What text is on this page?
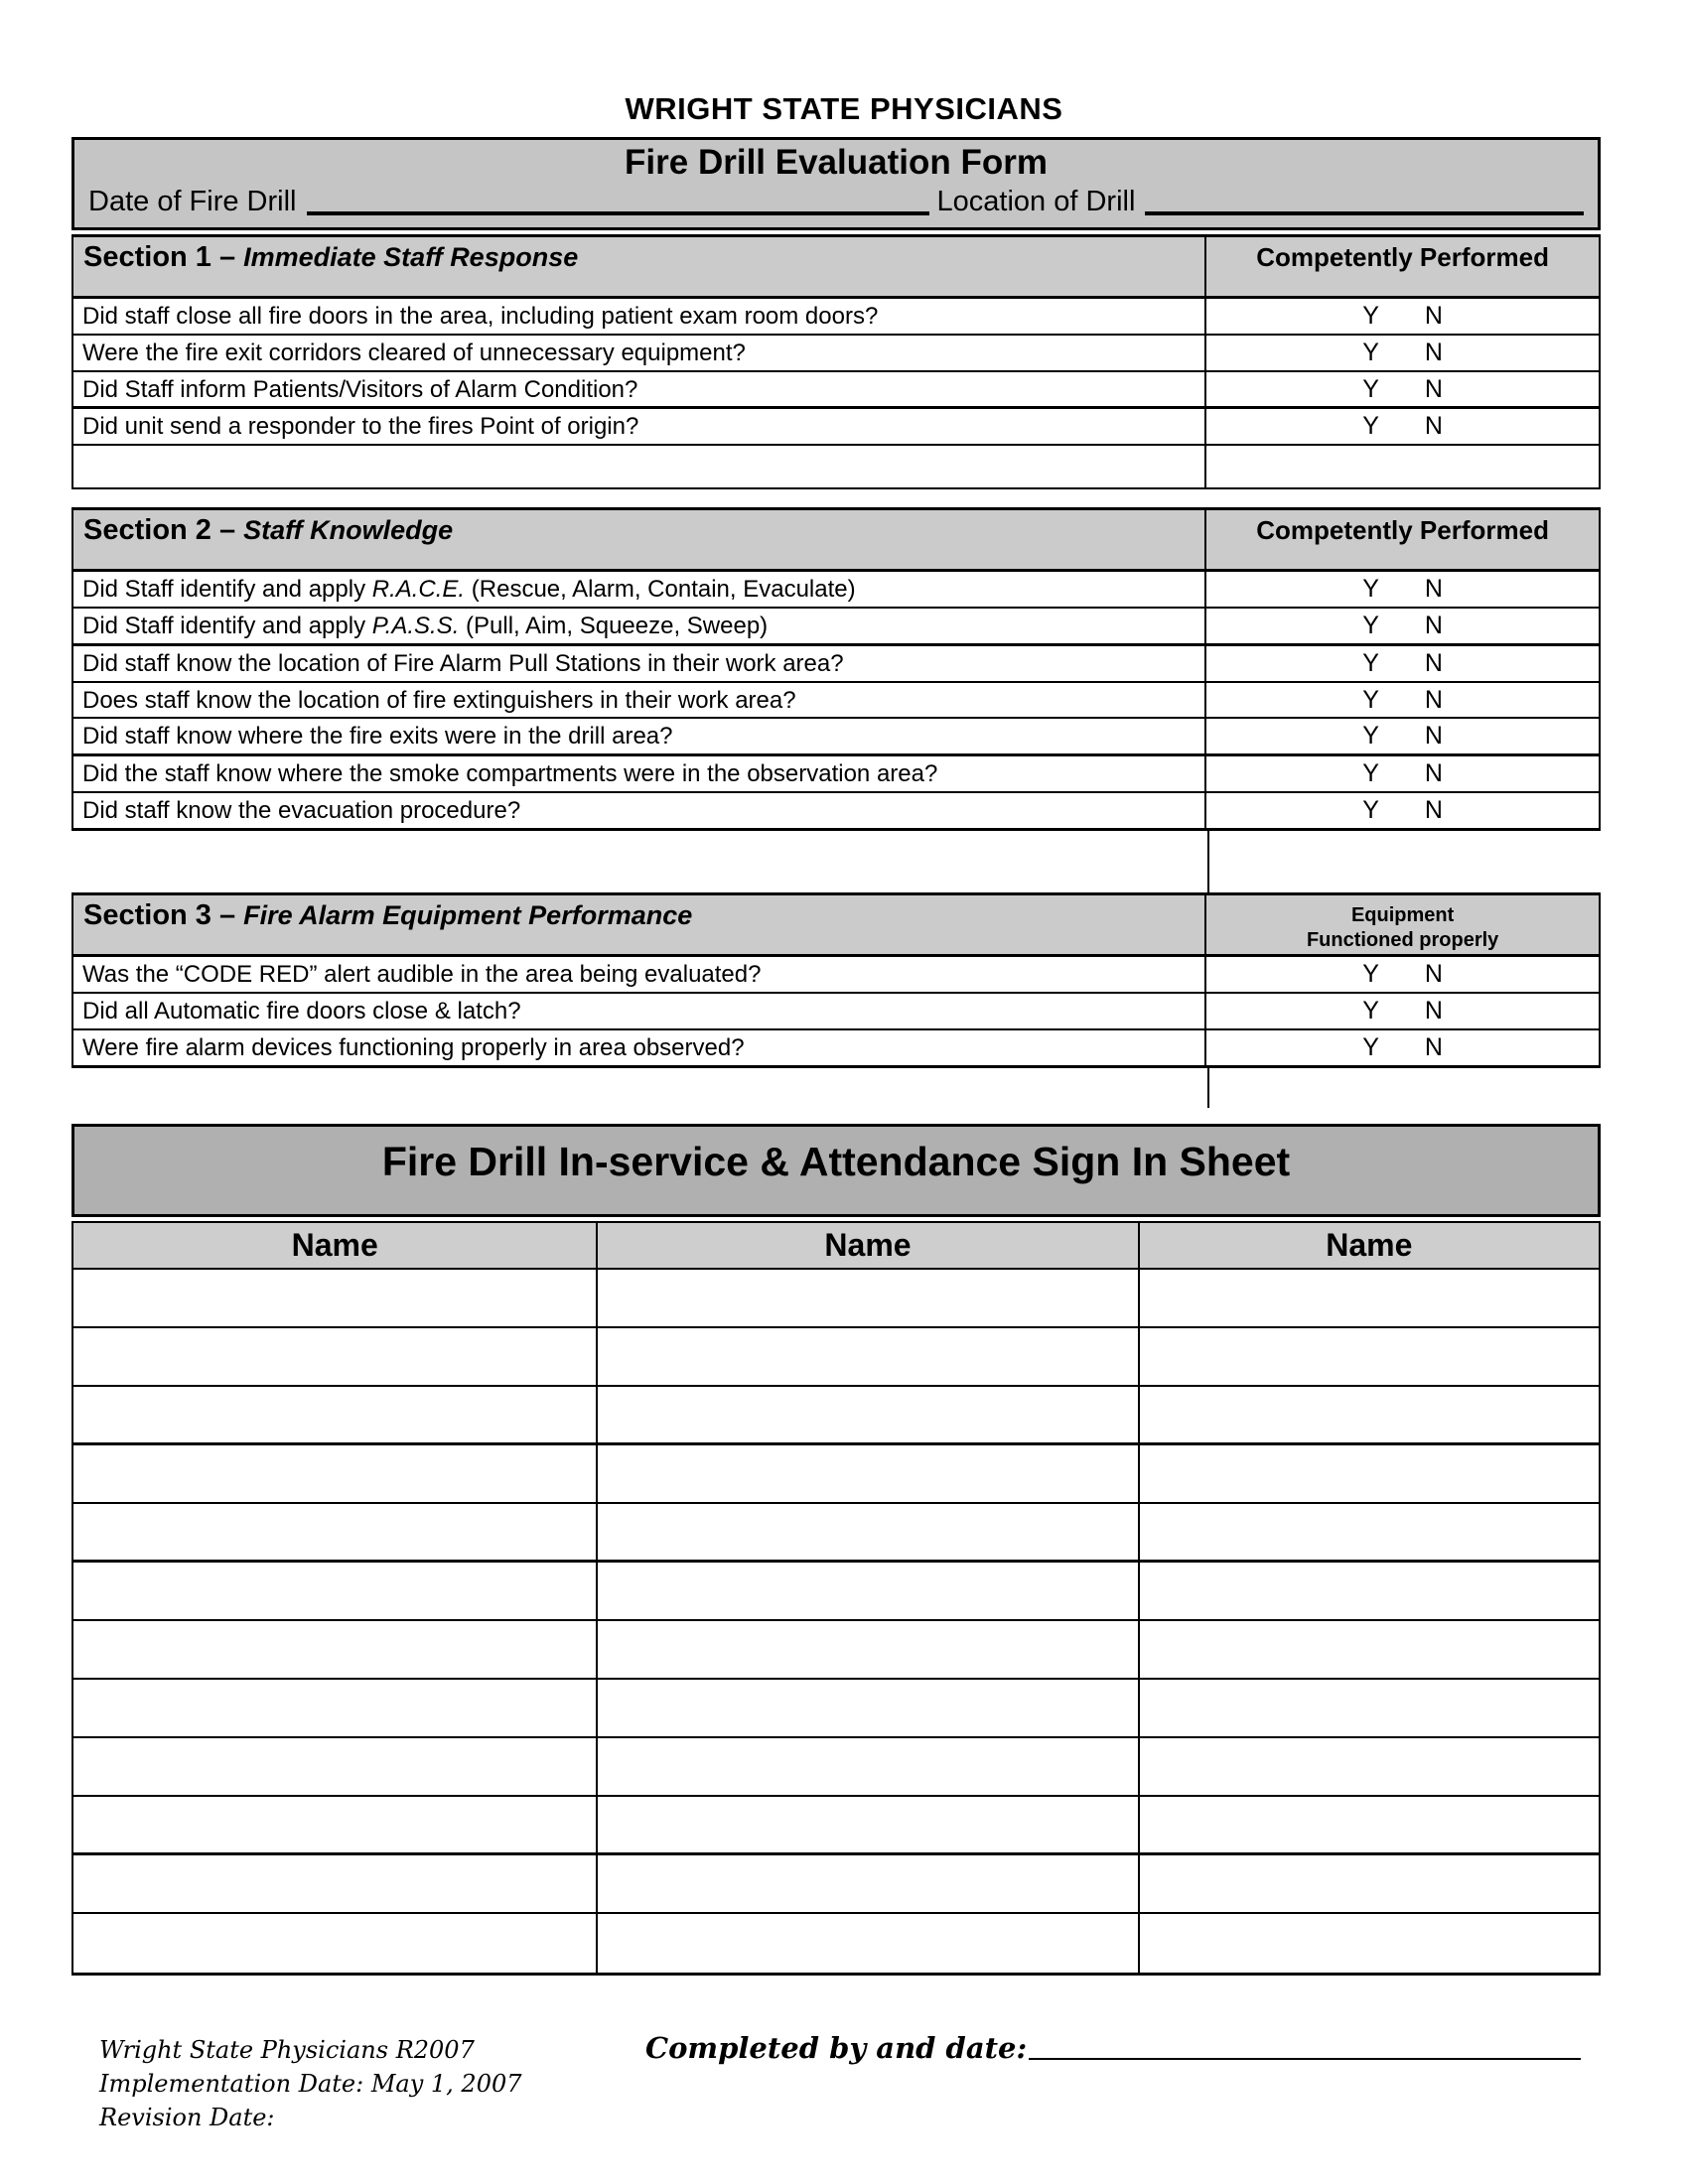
WRIGHT STATE PHYSICIANS
Fire Drill Evaluation Form
Date of Fire Drill	Location of Drill
Section 1 – Immediate Staff Response	Competently Performed
Did staff close all fire doors in the area, including patient exam room doors?	Y N
Were the fire exit corridors cleared of unnecessary equipment?	Y N
Did Staff inform Patients/Visitors of Alarm Condition?	Y N
Did unit send a responder to the fires Point of origin?	Y N
Section 2 – Staff Knowledge	Competently Performed
Did Staff identify and apply R.A.C.E. (Rescue, Alarm, Contain, Evaculate)	Y N
Did Staff identify and apply P.A.S.S. (Pull, Aim, Squeeze, Sweep)	Y N
Did staff know the location of Fire Alarm Pull Stations in their work area?	Y N
Does staff know the location of fire extinguishers in their work area?	Y N
Did staff know where the fire exits were in the drill area?	Y N
Did the staff know where the smoke compartments were in the observation area?	Y N
Did staff know the evacuation procedure?	Y N
Section 3 – Fire Alarm Equipment Performance	Equipment
Functioned properly
Was the “CODE RED” alert audible in the area being evaluated?	Y N
Did all Automatic fire doors close & latch?	Y N
Were fire alarm devices functioning properly in area observed?	Y N
Fire Drill In-service & Attendance Sign In Sheet
Name	Name	Name
Wright State Physicians R2007
Implementation Date: May 1, 2007
Revision Date:
Completed by and date:
